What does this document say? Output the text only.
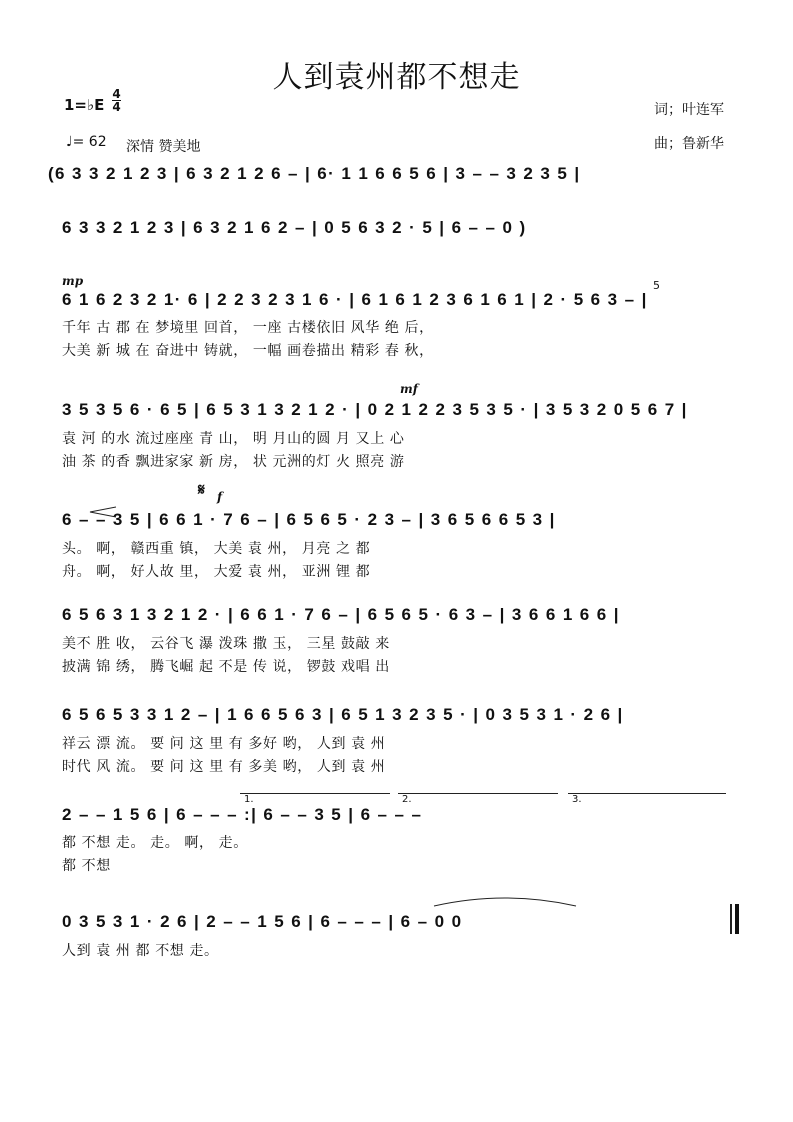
人到袁州都不想走
1=♭E
4
4
♩= 62 深情 赞美地
词；叶连军
曲；鲁新华
mp
mf
𝄋 f
5
(6 3 3 2 1 2 3 | 6 3 2 1 2 6 – | 6· 1 1 6 6 5 6 | 3 – – 3 2 3 5 |
6 3 3 2 1 2 3 | 6 3 2 1 6 2 – | 0 5 6 3 2 · 5 | 6 – – 0 )
6 1 6 2 3 2 1· 6 | 2 2 3 2 3 1 6 · | 6 1 6 1 2 3 6 1 6 1 | 2 · 5 6 3 – |
千年 古 郡 在 梦境里 回首， 一座 古楼依旧 风华 绝 后，
大美 新 城 在 奋进中 铸就， 一幅 画卷描出 精彩 春 秋，
3 5 3 5 6 · 6 5 | 6 5 3 1 3 2 1 2 · | 0 2 1 2 2 3 5 3 5 · | 3 5 3 2 0 5 6 7 |
袁 河 的水 流过座座 青 山， 明 月山的圆 月 又上 心
油 茶 的香 飘进家家 新 房， 状 元洲的灯 火 照亮 游
6 – – 3 5 | 6 6 1 · 7 6 – | 6 5 6 5 · 2 3 – | 3 6 5 6 6 5 3 |
头。 啊， 赣西重 镇， 大美 袁 州， 月亮 之 都
舟。 啊， 好人故 里， 大爱 袁 州， 亚洲 锂 都
6 5 6 3 1 3 2 1 2 · | 6 6 1 · 7 6 – | 6 5 6 5 · 6 3 – | 3 6 6 1 6 6 |
美不 胜 收， 云谷飞 瀑 泼珠 撒 玉， 三星 鼓敲 来
披满 锦 绣， 腾飞崛 起 不是 传 说， 锣鼓 戏唱 出
6 5 6 5 3 3 1 2 – | 1 6 6 5 6 3 | 6 5 1 3 2 3 5 · | 0 3 5 3 1 · 2 6 |
祥云 漂 流。 要 问 这 里 有 多好 哟， 人到 袁 州
时代 风 流。 要 问 这 里 有 多美 哟， 人到 袁 州
1.	2.	3.
2 – – 1 5 6 | 6 – – – :| 6 – – 3 5 | 6 – – –
都 不想 走。 走。 啊， 走。
都 不想
0 3 5 3 1 · 2 6 | 2 – – 1 5 6 | 6 – – – | 6 – 0 0
人到 袁 州 都 不想 走。
